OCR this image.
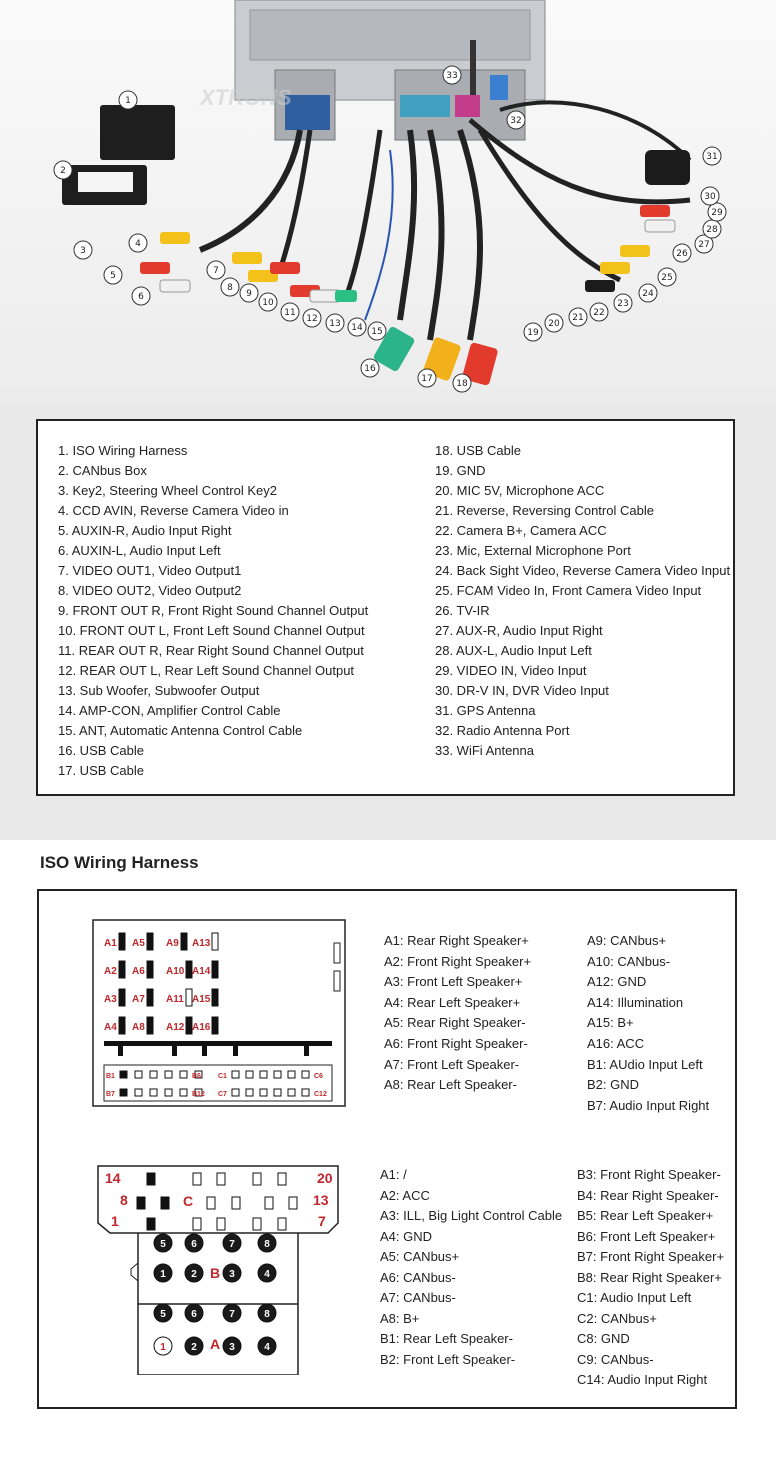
XTRONS
1
2
3
4
5
6
7
8
9
10
11
12 13 14 15
16
17	18
19
20
21 22
23
24
25
26
27
28
29
30
31
32
33
1. ISO Wiring Harness
2. CANbus Box
3. Key2, Steering Wheel Control Key2
4. CCD AVIN, Reverse Camera Video in
5. AUXIN-R, Audio Input Right
6. AUXIN-L, Audio Input Left
7. VIDEO OUT1, Video Output1
8. VIDEO OUT2, Video Output2
9. FRONT OUT R, Front Right Sound Channel Output
10. FRONT OUT L, Front Left Sound Channel Output
11. REAR OUT R, Rear Right Sound Channel Output
12. REAR OUT L, Rear Left Sound Channel Output
13. Sub Woofer, Subwoofer Output
14. AMP-CON, Amplifier Control Cable
15. ANT, Automatic Antenna Control Cable
16. USB Cable
17. USB Cable
18. USB Cable
19. GND
20. MIC 5V, Microphone ACC
21. Reverse, Reversing Control Cable
22. Camera B+, Camera ACC
23. Mic, External Microphone Port
24. Back Sight Video, Reverse Camera Video Input
25. FCAM Video In, Front Camera Video Input
26. TV-IR
27. AUX-R, Audio Input Right
28. AUX-L, Audio Input Left
29. VIDEO IN, Video Input
30. DR-V IN, DVR Video Input
31. GPS Antenna
32. Radio Antenna Port
33. WiFi Antenna
ISO Wiring Harness
A1 A5 A9 A13
A2 A6 A10 A14
A3 A7 A11 A15
A4 A8 A12 A16
B1	B6 C1	C6
B7	B12 C7	C12
A1: Rear Right Speaker+
A2: Front Right Speaker+
A3: Front Left Speaker+
A4: Rear Left Speaker+
A5: Rear Right Speaker-
A6: Front Right Speaker-
A7: Front Left Speaker-
A8: Rear Left Speaker-
A9: CANbus+
A10: CANbus-
A12: GND
A14: Illumination
A15: B+
A16: ACC
B1: AUdio Input Left
B2: GND
B7: Audio Input Right
14	20
8	C	13
1	7
B
A
5	6	7	8
1	2	3	4
5	6	7	8
1	2	3	4
A1: /
A2: ACC
A3: ILL, Big Light Control Cable
A4: GND
A5: CANbus+
A6: CANbus-
A7: CANbus-
A8: B+
B1: Rear Left Speaker-
B2: Front Left Speaker-
B3: Front Right Speaker-
B4: Rear Right Speaker-
B5: Rear Left Speaker+
B6: Front Left Speaker+
B7: Front Right Speaker+
B8: Rear Right Speaker+
C1: Audio Input Left
C2: CANbus+
C8: GND
C9: CANbus-
C14: Audio Input Right
